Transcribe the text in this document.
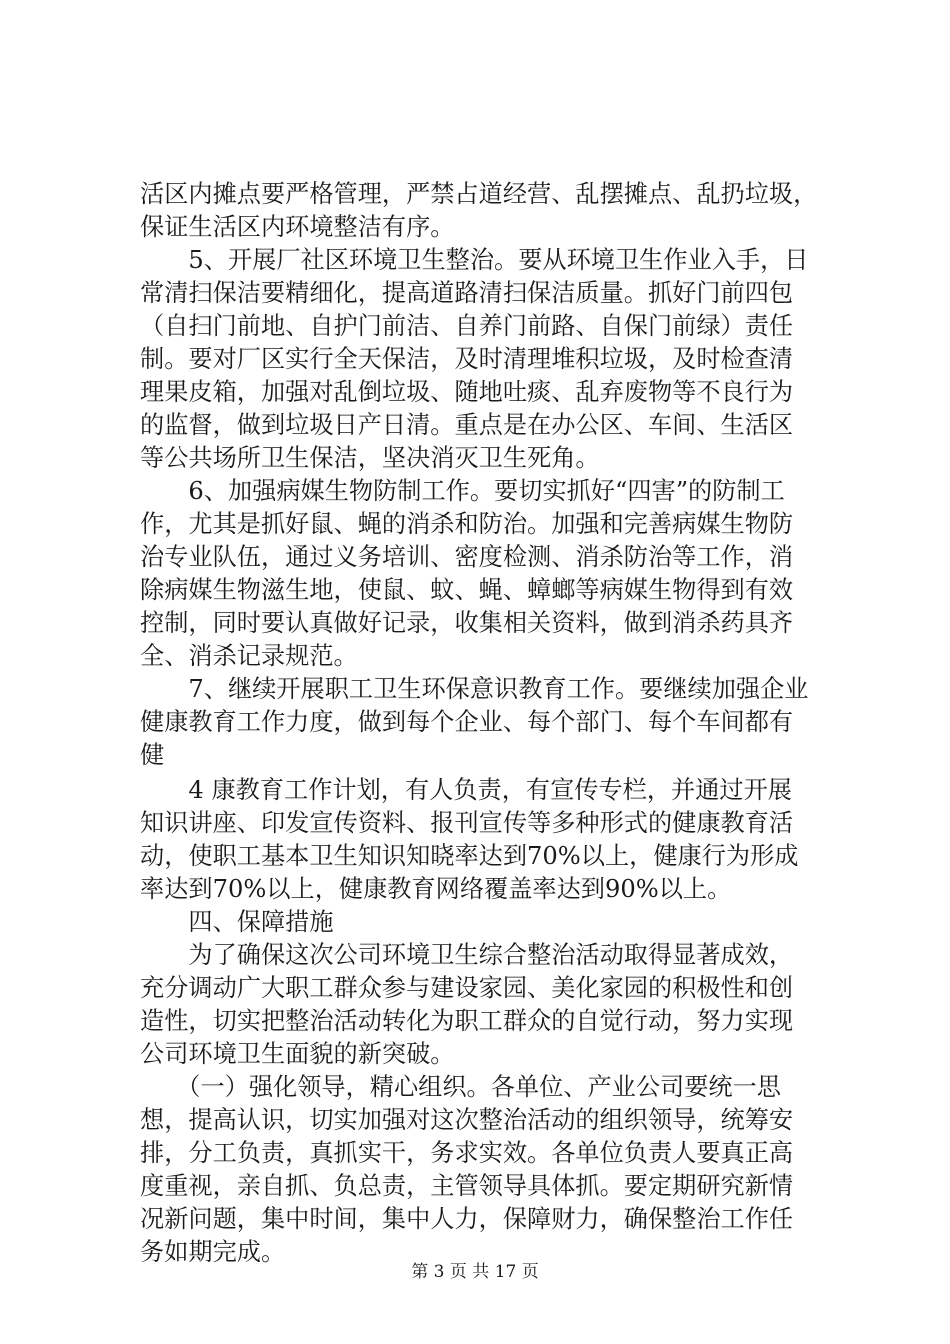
活区内摊点要严格管理，严禁占道经营、乱摆摊点、乱扔垃圾，
保证生活区内环境整洁有序。
　　5、开展厂社区环境卫生整治。要从环境卫生作业入手，日
常清扫保洁要精细化，提高道路清扫保洁质量。抓好门前四包
（自扫门前地、自护门前洁、自养门前路、自保门前绿）责任
制。要对厂区实行全天保洁，及时清理堆积垃圾，及时检查清
理果皮箱，加强对乱倒垃圾、随地吐痰、乱弃废物等不良行为
的监督，做到垃圾日产日清。重点是在办公区、车间、生活区
等公共场所卫生保洁，坚决消灭卫生死角。
　　6、加强病媒生物防制工作。要切实抓好“四害”的防制工
作，尤其是抓好鼠、蝇的消杀和防治。加强和完善病媒生物防
治专业队伍，通过义务培训、密度检测、消杀防治等工作，消
除病媒生物滋生地，使鼠、蚊、蝇、蟑螂等病媒生物得到有效
控制，同时要认真做好记录，收集相关资料，做到消杀药具齐
全、消杀记录规范。
　　7、继续开展职工卫生环保意识教育工作。要继续加强企业
健康教育工作力度，做到每个企业、每个部门、每个车间都有
健
　　4 康教育工作计划，有人负责，有宣传专栏，并通过开展
知识讲座、印发宣传资料、报刊宣传等多种形式的健康教育活
动，使职工基本卫生知识知晓率达到70%以上，健康行为形成
率达到70%以上，健康教育网络覆盖率达到90%以上。
　　四、保障措施
　　为了确保这次公司环境卫生综合整治活动取得显著成效，
充分调动广大职工群众参与建设家园、美化家园的积极性和创
造性，切实把整治活动转化为职工群众的自觉行动，努力实现
公司环境卫生面貌的新突破。
　　（一）强化领导，精心组织。各单位、产业公司要统一思
想，提高认识，切实加强对这次整治活动的组织领导，统筹安
排，分工负责，真抓实干，务求实效。各单位负责人要真正高
度重视，亲自抓、负总责，主管领导具体抓。要定期研究新情
况新问题，集中时间，集中人力，保障财力，确保整治工作任
务如期完成。
第 3 页 共 17 页
